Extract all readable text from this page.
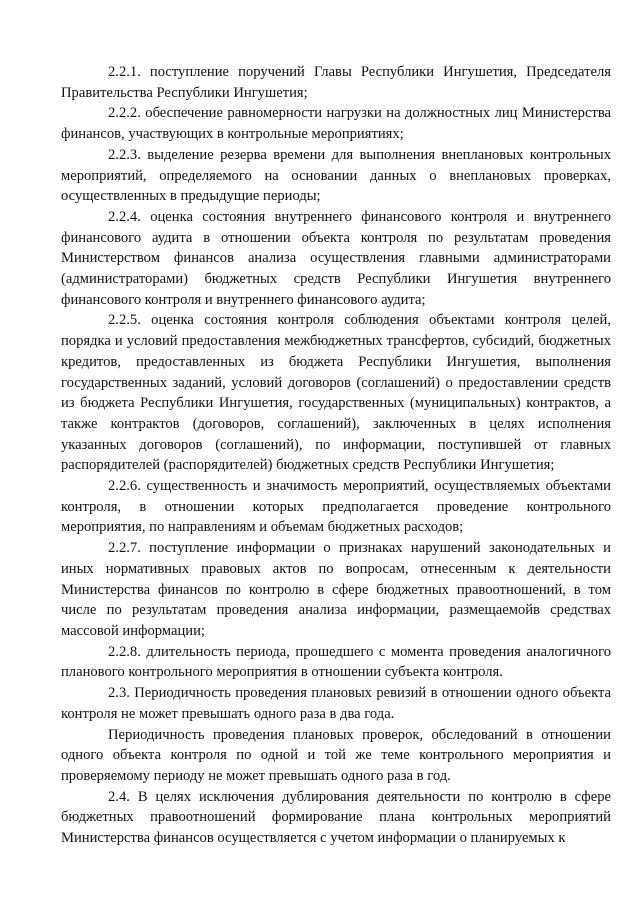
2.2.1. поступление поручений Главы Республики Ингушетия, Председателя Правительства Республики Ингушетия;

2.2.2. обеспечение равномерности нагрузки на должностных лиц Министерства финансов, участвующих в контрольные мероприятиях;

2.2.3. выделение резерва времени для выполнения внеплановых контрольных мероприятий, определяемого на основании данных о внеплановых проверках, осуществленных в предыдущие периоды;

2.2.4. оценка состояния внутреннего финансового контроля и внутреннего финансового аудита в отношении объекта контроля по результатам проведения Министерством финансов анализа осуществления главными администраторами (администраторами) бюджетных средств Республики Ингушетия внутреннего финансового контроля и внутреннего финансового аудита;

2.2.5. оценка состояния контроля соблюдения объектами контроля целей, порядка и условий предоставления межбюджетных трансфертов, субсидий, бюджетных кредитов, предоставленных из бюджета Республики Ингушетия, выполнения государственных заданий, условий договоров (соглашений) о предоставлении средств из бюджета Республики Ингушетия, государственных (муниципальных) контрактов, а также контрактов (договоров, соглашений), заключенных в целях исполнения указанных договоров (соглашений), по информации, поступившей от главных распорядителей (распорядителей) бюджетных средств Республики Ингушетия;

2.2.6. существенность и значимость мероприятий, осуществляемых объектами контроля, в отношении которых предполагается проведение контрольного мероприятия, по направлениям и объемам бюджетных расходов;

2.2.7. поступление информации о признаках нарушений законодательных и иных нормативных правовых актов по вопросам, отнесенным к деятельности Министерства финансов по контролю в сфере бюджетных правоотношений, в том числе по результатам проведения анализа информации, размещаемойв средствах массовой информации;

2.2.8. длительность периода, прошедшего с момента проведения аналогичного планового контрольного мероприятия в отношении субъекта контроля.

2.3. Периодичность проведения плановых ревизий в отношении одного объекта контроля не может превышать одного раза в два года.

Периодичность проведения плановых проверок, обследований в отношении одного объекта контроля по одной и той же теме контрольного мероприятия и проверяемому периоду не может превышать одного раза в год.

2.4. В целях исключения дублирования деятельности по контролю в сфере бюджетных правоотношений формирование плана контрольных мероприятий Министерства финансов осуществляется с учетом информации о планируемых к
